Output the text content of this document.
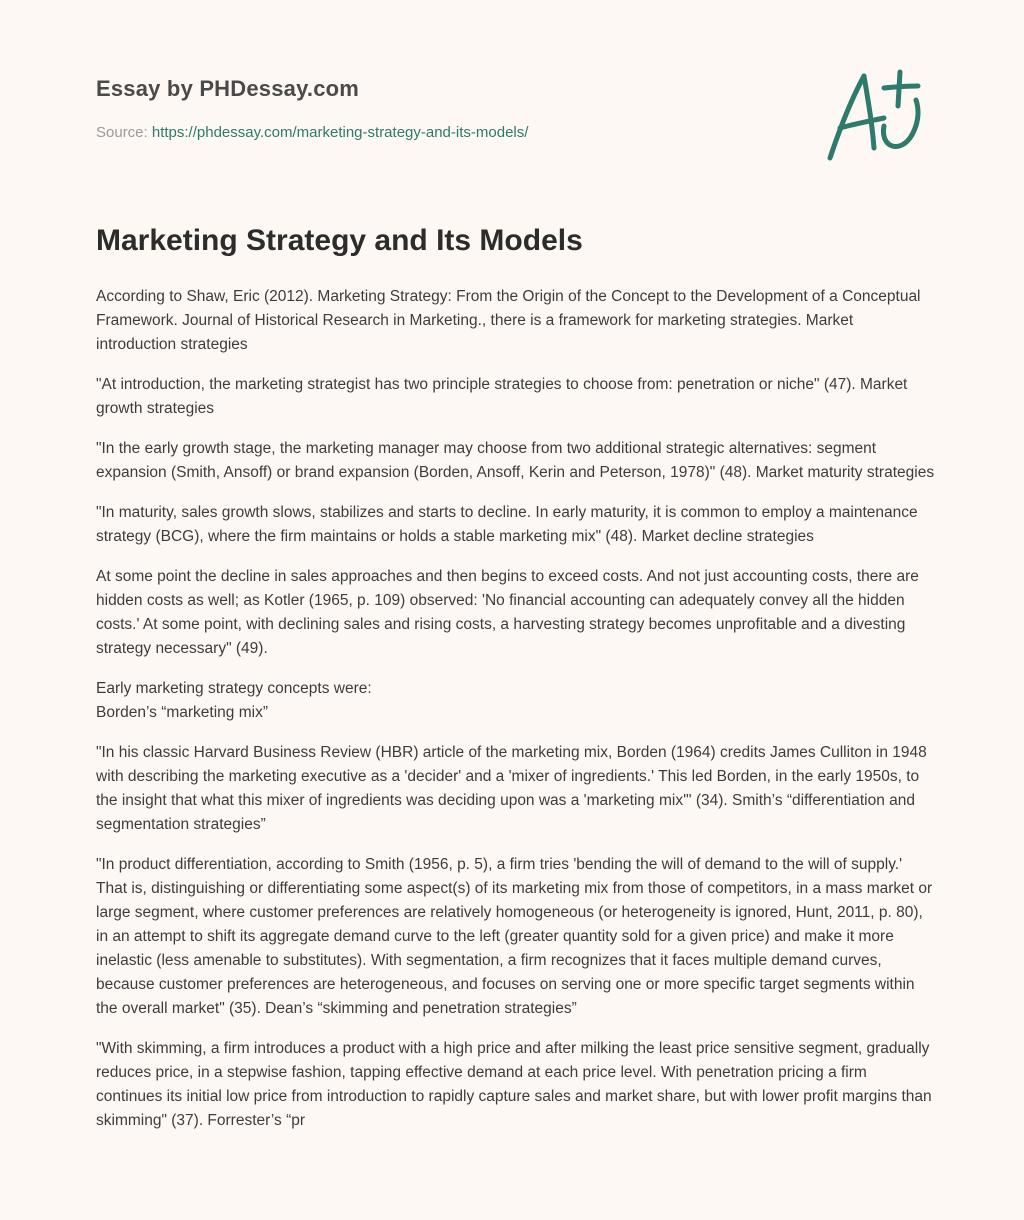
Essay by PHDessay.com
Source: https://phdessay.com/marketing-strategy-and-its-models/
Marketing Strategy and Its Models

According to Shaw, Eric (2012). Marketing Strategy: From the Origin of the Concept to the Development of a Conceptual Framework. Journal of Historical Research in Marketing., there is a framework for marketing strategies. Market introduction strategies

"At introduction, the marketing strategist has two principle strategies to choose from: penetration or niche" (47). Market growth strategies

"In the early growth stage, the marketing manager may choose from two additional strategic alternatives: segment expansion (Smith, Ansoff) or brand expansion (Borden, Ansoff, Kerin and Peterson, 1978)" (48). Market maturity strategies

"In maturity, sales growth slows, stabilizes and starts to decline. In early maturity, it is common to employ a maintenance strategy (BCG), where the firm maintains or holds a stable marketing mix" (48). Market decline strategies

At some point the decline in sales approaches and then begins to exceed costs. And not just accounting costs, there are hidden costs as well; as Kotler (1965, p. 109) observed: 'No financial accounting can adequately convey all the hidden costs.' At some point, with declining sales and rising costs, a harvesting strategy becomes unprofitable and a divesting strategy necessary" (49).

Early marketing strategy concepts were:
Borden’s “marketing mix”

"In his classic Harvard Business Review (HBR) article of the marketing mix, Borden (1964) credits James Culliton in 1948 with describing the marketing executive as a 'decider' and a 'mixer of ingredients.' This led Borden, in the early 1950s, to the insight that what this mixer of ingredients was deciding upon was a 'marketing mix'" (34). Smith’s “differentiation and segmentation strategies”

"In product differentiation, according to Smith (1956, p. 5), a firm tries 'bending the will of demand to the will of supply.' That is, distinguishing or differentiating some aspect(s) of its marketing mix from those of competitors, in a mass market or large segment, where customer preferences are relatively homogeneous (or heterogeneity is ignored, Hunt, 2011, p. 80), in an attempt to shift its aggregate demand curve to the left (greater quantity sold for a given price) and make it more inelastic (less amenable to substitutes). With segmentation, a firm recognizes that it faces multiple demand curves, because customer preferences are heterogeneous, and focuses on serving one or more specific target segments within the overall market" (35). Dean’s “skimming and penetration strategies”

"With skimming, a firm introduces a product with a high price and after milking the least price sensitive segment, gradually reduces price, in a stepwise fashion, tapping effective demand at each price level. With penetration pricing a firm continues its initial low price from introduction to rapidly capture sales and market share, but with lower profit margins than skimming" (37). Forrester’s “pr
